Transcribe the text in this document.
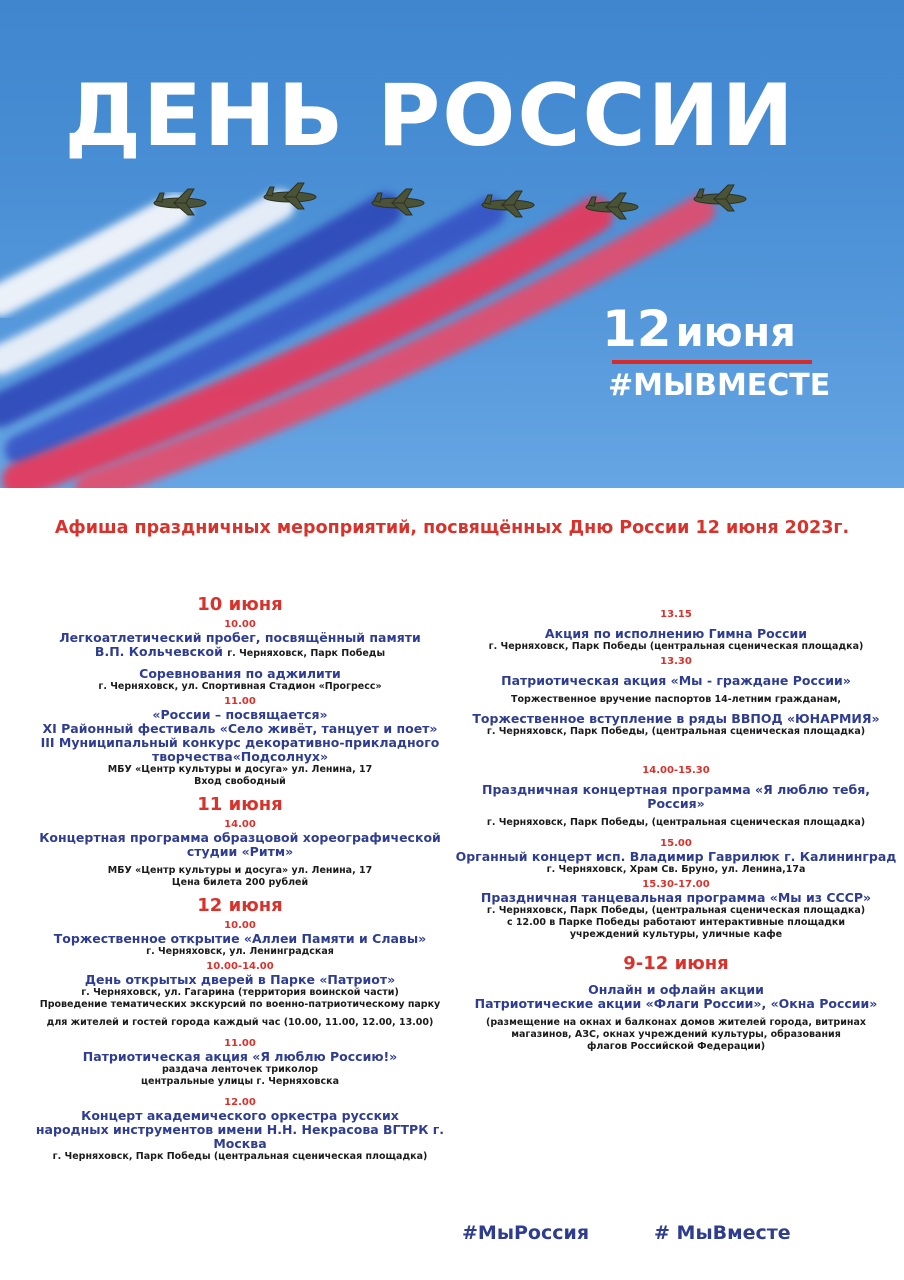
ДЕНЬ РОССИИ
12 июня
#МЫВМЕСТЕ
Афиша праздничных мероприятий, посвящённых Дню России 12 июня 2023г.
10 июня
10.00
Легкоатлетический пробег, посвящённый памяти
В.П. Кольчевской г. Черняховск, Парк Победы
Соревнования по аджилити
г. Черняховск, ул. Спортивная Стадион «Прогресс»
11.00
«России – посвящается»
XI Районный фестиваль «Село живёт, танцует и поет»
III Муниципальный конкурс декоративно-прикладного
творчества«Подсолнух»
МБУ «Центр культуры и досуга» ул. Ленина, 17
Вход свободный
11 июня
14.00
Концертная программа образцовой хореографической
студии «Ритм»
МБУ «Центр культуры и досуга» ул. Ленина, 17
Цена билета 200 рублей
12 июня
10.00
Торжественное открытие «Аллеи Памяти и Славы»
г. Черняховск, ул. Ленинградская
10.00-14.00
День открытых дверей в Парке «Патриот»
г. Черняховск, ул. Гагарина (территория воинской части)
Проведение тематических экскурсий по военно-патриотическому парку
для жителей и гостей города каждый час (10.00, 11.00, 12.00, 13.00)
11.00
Патриотическая акция «Я люблю Россию!»
раздача ленточек триколор
центральные улицы г. Черняховска
12.00
Концерт академического оркестра русских
народных инструментов имени Н.Н. Некрасова ВГТРК г. Москва
г. Черняховск, Парк Победы (центральная сценическая площадка)
13.15
Акция по исполнению Гимна России
г. Черняховск, Парк Победы (центральная сценическая площадка)
13.30
Патриотическая акция «Мы - граждане России»
Торжественное вручение паспортов 14-летним гражданам,
Торжественное вступление в ряды ВВПОД «ЮНАРМИЯ»
г. Черняховск, Парк Победы, (центральная сценическая площадка)
14.00-15.30
Праздничная концертная программа «Я люблю тебя,
Россия»
г. Черняховск, Парк Победы, (центральная сценическая площадка)
15.00
Органный концерт исп. Владимир Гаврилюк г. Калининград
г. Черняховск, Храм Св. Бруно, ул. Ленина,17а
15.30-17.00
Праздничная танцевальная программа «Мы из СССР»
г. Черняховск, Парк Победы, (центральная сценическая площадка)
с 12.00 в Парке Победы работают интерактивные площадки
учреждений культуры, уличные кафе
9-12 июня
Онлайн и офлайн акции
Патриотические акции «Флаги России», «Окна России»
(размещение на окнах и балконах домов жителей города, витринах
магазинов, АЗС, окнах учреждений культуры, образования
флагов Российской Федерации)
#МыРоссия	# МыВместе
